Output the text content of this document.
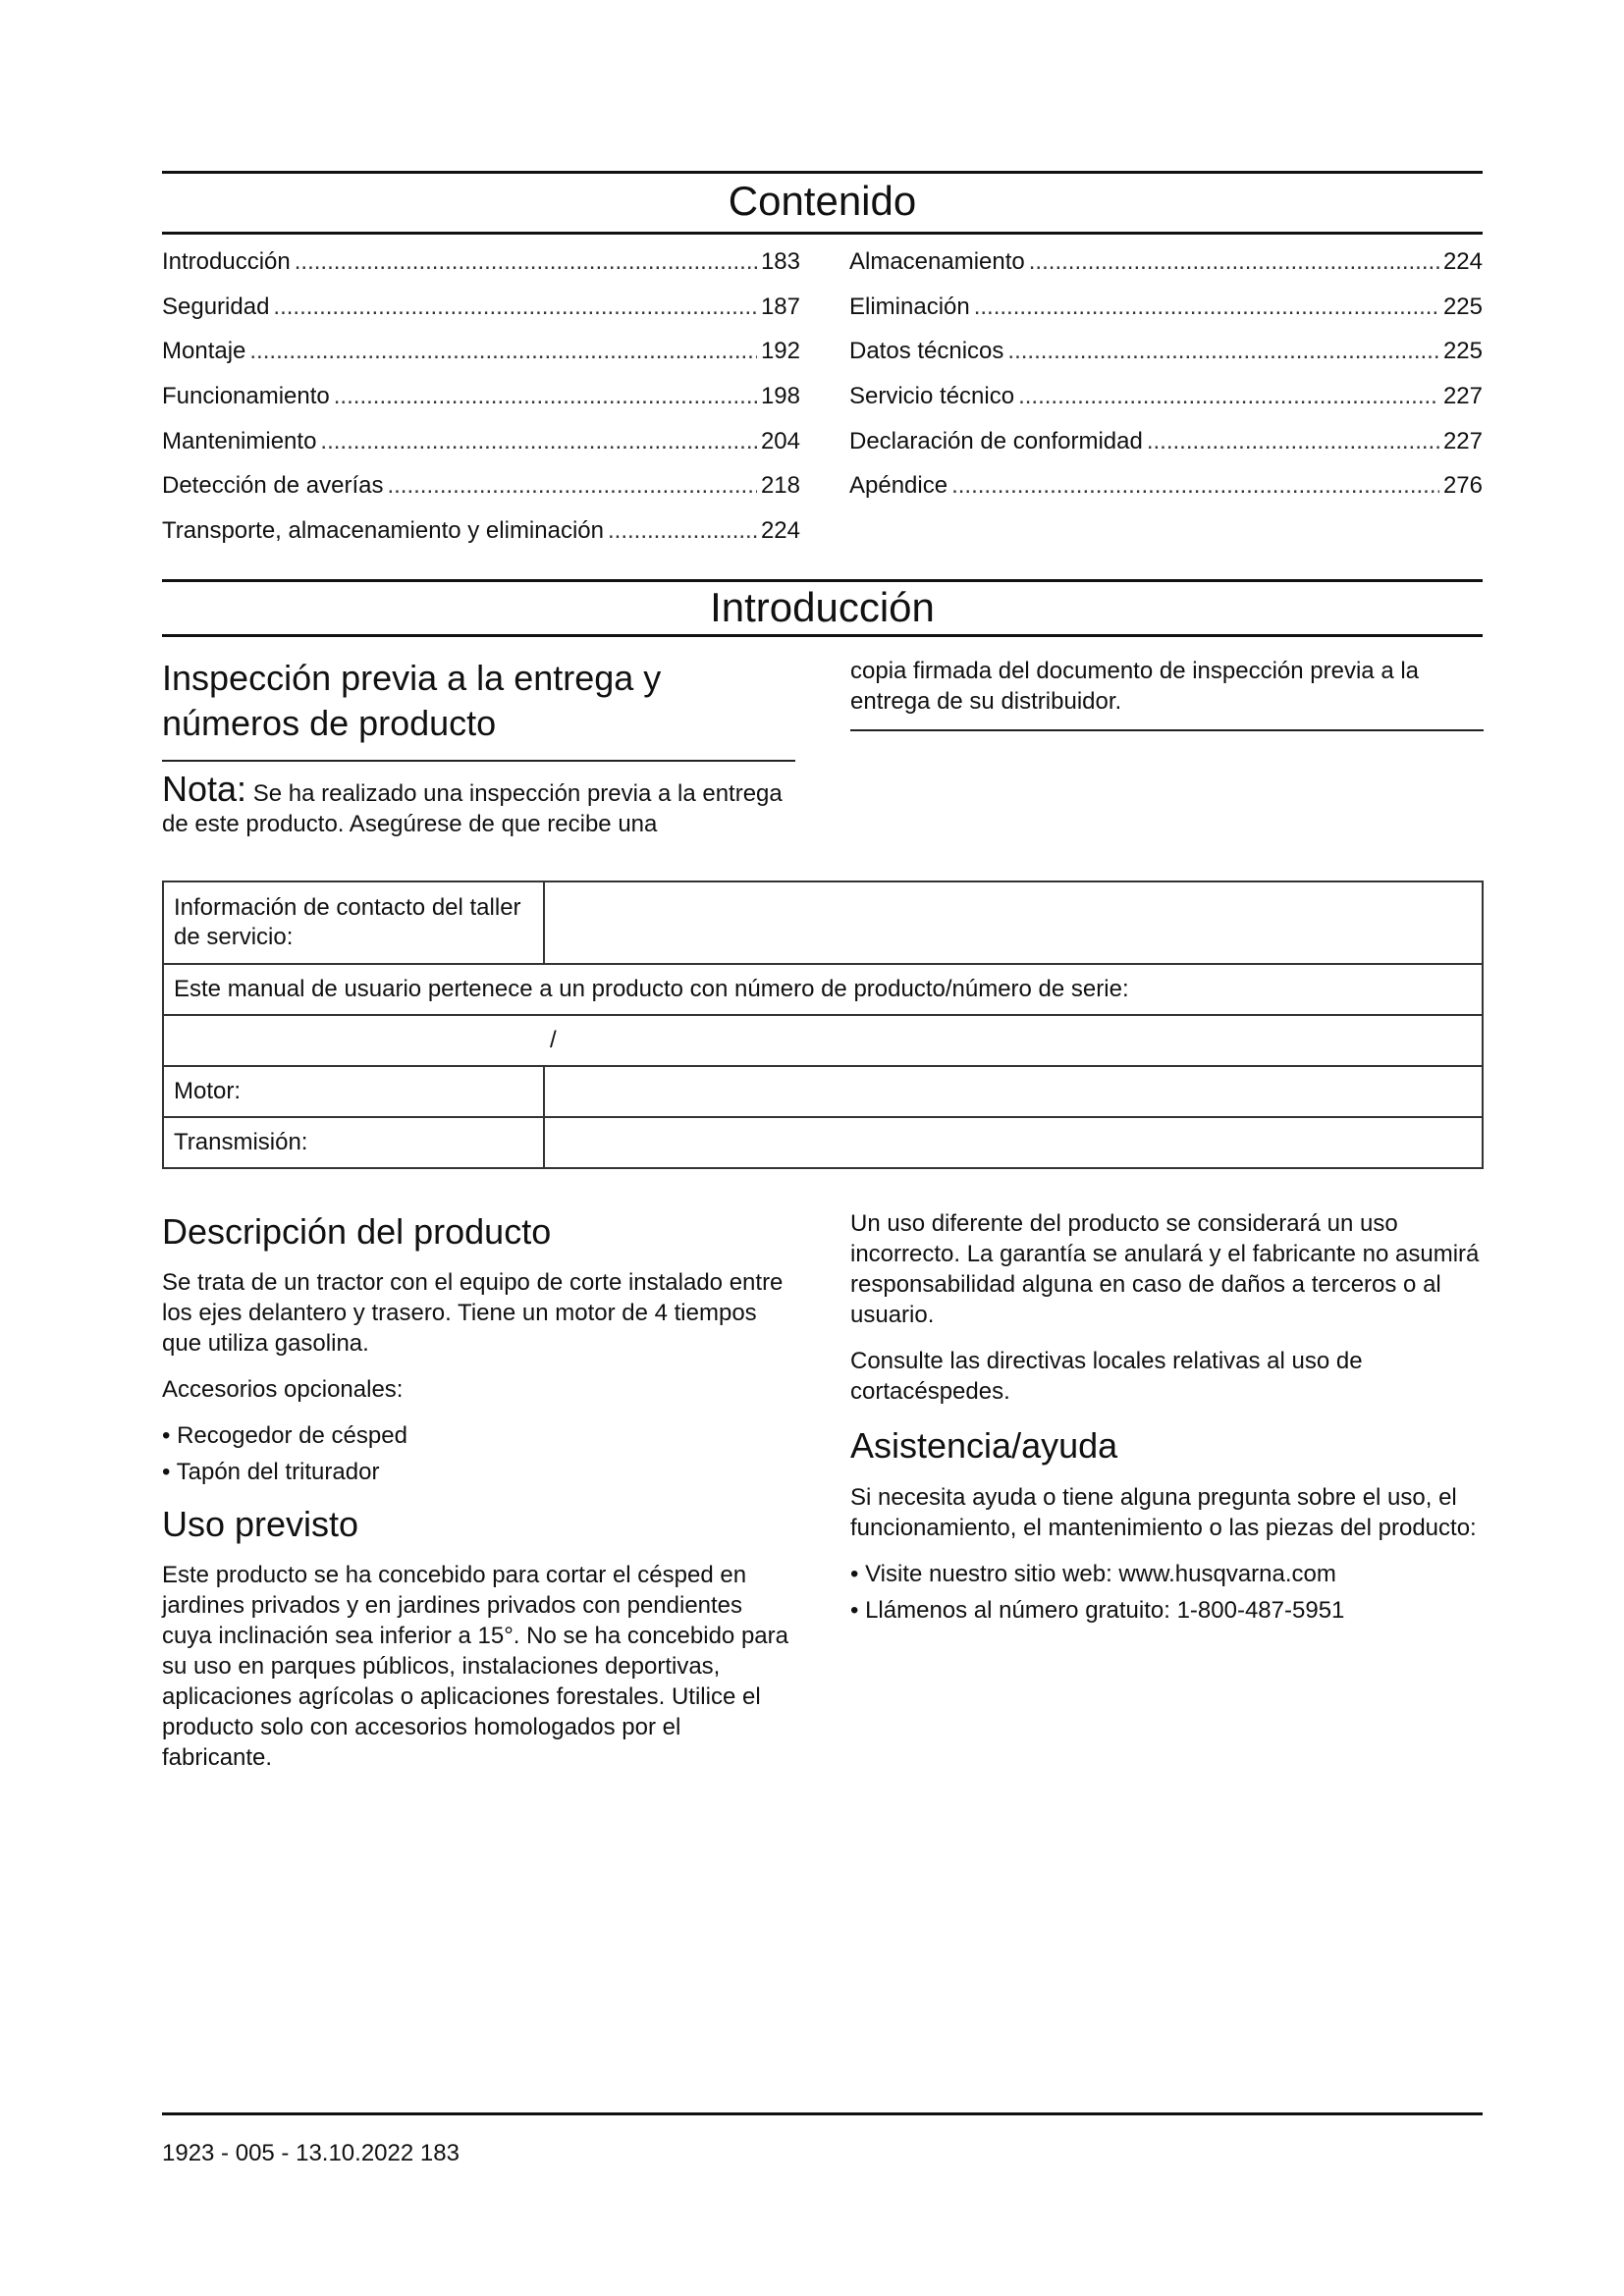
Contenido
Introducción .....	183
Seguridad .....	187
Montaje .....	192
Funcionamiento .....	198
Mantenimiento .....	204
Detección de averías .....	218
Transporte, almacenamiento y eliminación .....	224
Almacenamiento .....	224
Eliminación .....	225
Datos técnicos .....	225
Servicio técnico .....	227
Declaración de conformidad .....	227
Apéndice .....	276
Introducción
Inspección previa a la entrega y números de producto
Nota: Se ha realizado una inspección previa a la entrega de este producto. Asegúrese de que recibe una
copia firmada del documento de inspección previa a la entrega de su distribuidor.
Información de contacto del taller de servicio:	
Este manual de usuario pertenece a un producto con número de producto/número de serie:	
/	
Motor:	
Transmisión:	
Descripción del producto

Se trata de un tractor con el equipo de corte instalado entre los ejes delantero y trasero. Tiene un motor de 4 tiempos que utiliza gasolina.

Accesorios opcionales:

• Recogedor de césped
• Tapón del triturador
Uso previsto
Este producto se ha concebido para cortar el césped en jardines privados y en jardines privados con pendientes cuya inclinación sea inferior a 15°. No se ha concebido para su uso en parques públicos, instalaciones deportivas, aplicaciones agrícolas o aplicaciones forestales. Utilice el producto solo con accesorios homologados por el fabricante.

Un uso diferente del producto se considerará un uso incorrecto. La garantía se anulará y el fabricante no asumirá responsabilidad alguna en caso de daños a terceros o al usuario.

Consulte las directivas locales relativas al uso de cortacéspedes.

Asistencia/ayuda

Si necesita ayuda o tiene alguna pregunta sobre el uso, el funcionamiento, el mantenimiento o las piezas del producto:

• Visite nuestro sitio web: www.husqvarna.com
• Llámenos al número gratuito: 1-800-487-5951
1923 - 005 - 13.10.2022 183
